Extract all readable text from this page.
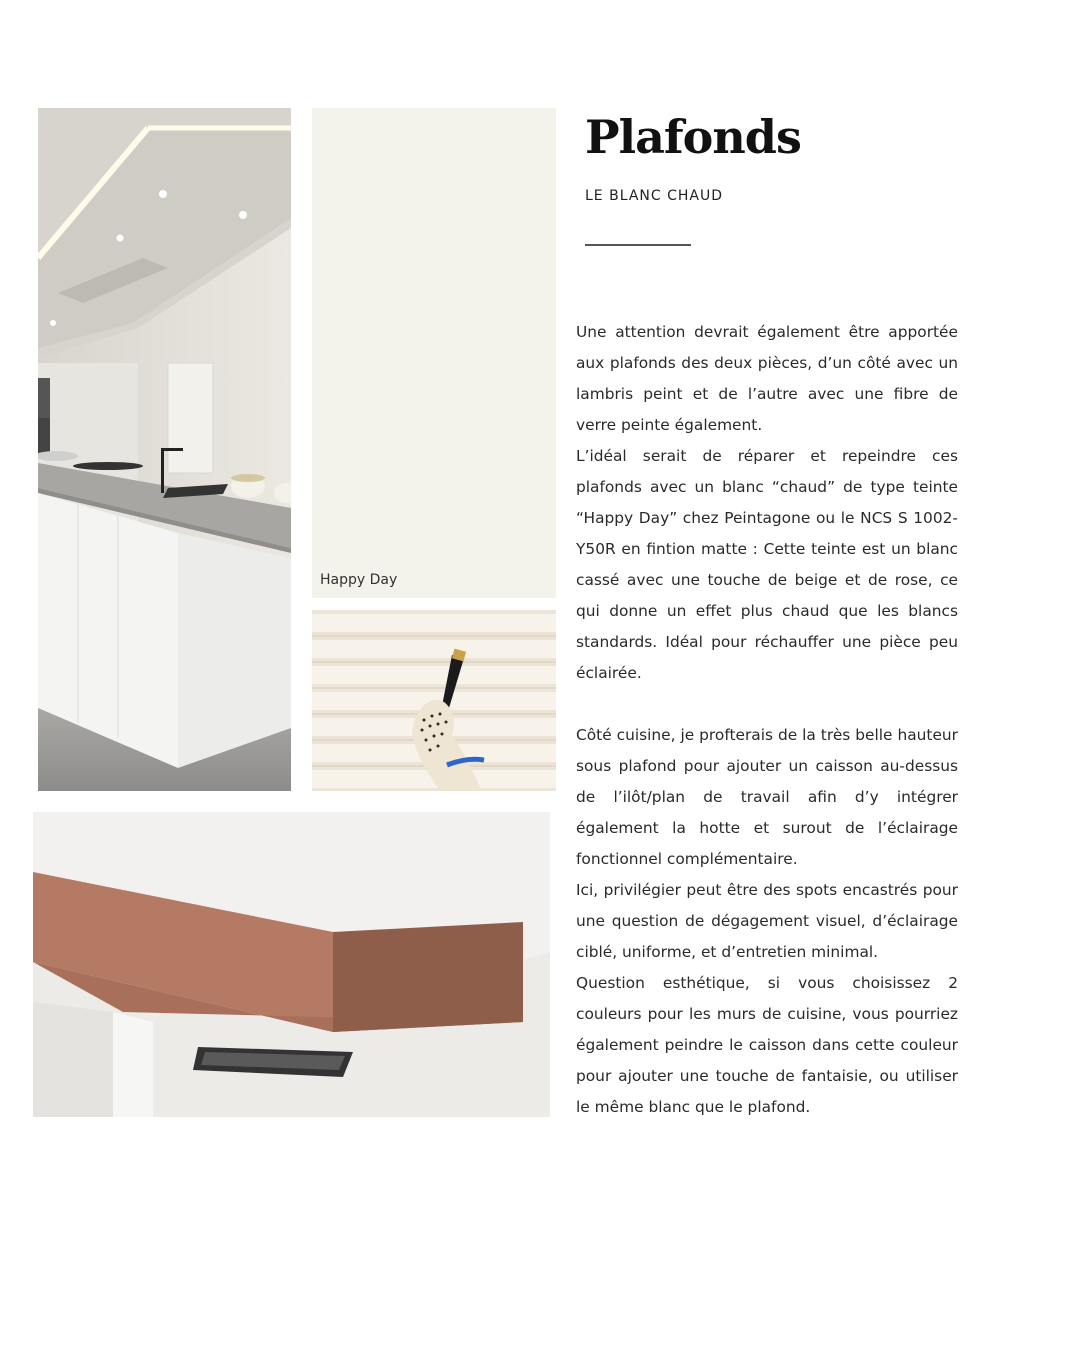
Happy Day
Plafonds
LE BLANC CHAUD

Une attention devrait également être apportée aux plafonds des deux pièces, d’un côté avec un lambris peint et de l’autre avec une fibre de verre peinte également.

L’idéal serait de réparer et repeindre ces plafonds avec un blanc “chaud” de type teinte “Happy Day” chez Peintagone ou le NCS S 1002-Y50R en fintion matte : Cette teinte est un blanc cassé avec une touche de beige et de rose, ce qui donne un effet plus chaud que les blancs standards. Idéal pour réchauffer une pièce peu éclairée.

Côté cuisine, je profterais de la très belle hauteur sous plafond pour ajouter un caisson au-dessus de l’ilôt/plan de travail afin d’y intégrer également la hotte et surout de l’éclairage fonctionnel complémentaire.

Ici, privilégier peut être des spots encastrés pour une question de dégagement visuel, d’éclairage ciblé, uniforme, et d’entretien minimal.

Question esthétique, si vous choisissez 2 couleurs pour les murs de cuisine, vous pourriez également peindre le caisson dans cette couleur pour ajouter une touche de fantaisie, ou utiliser le même blanc que le plafond.
